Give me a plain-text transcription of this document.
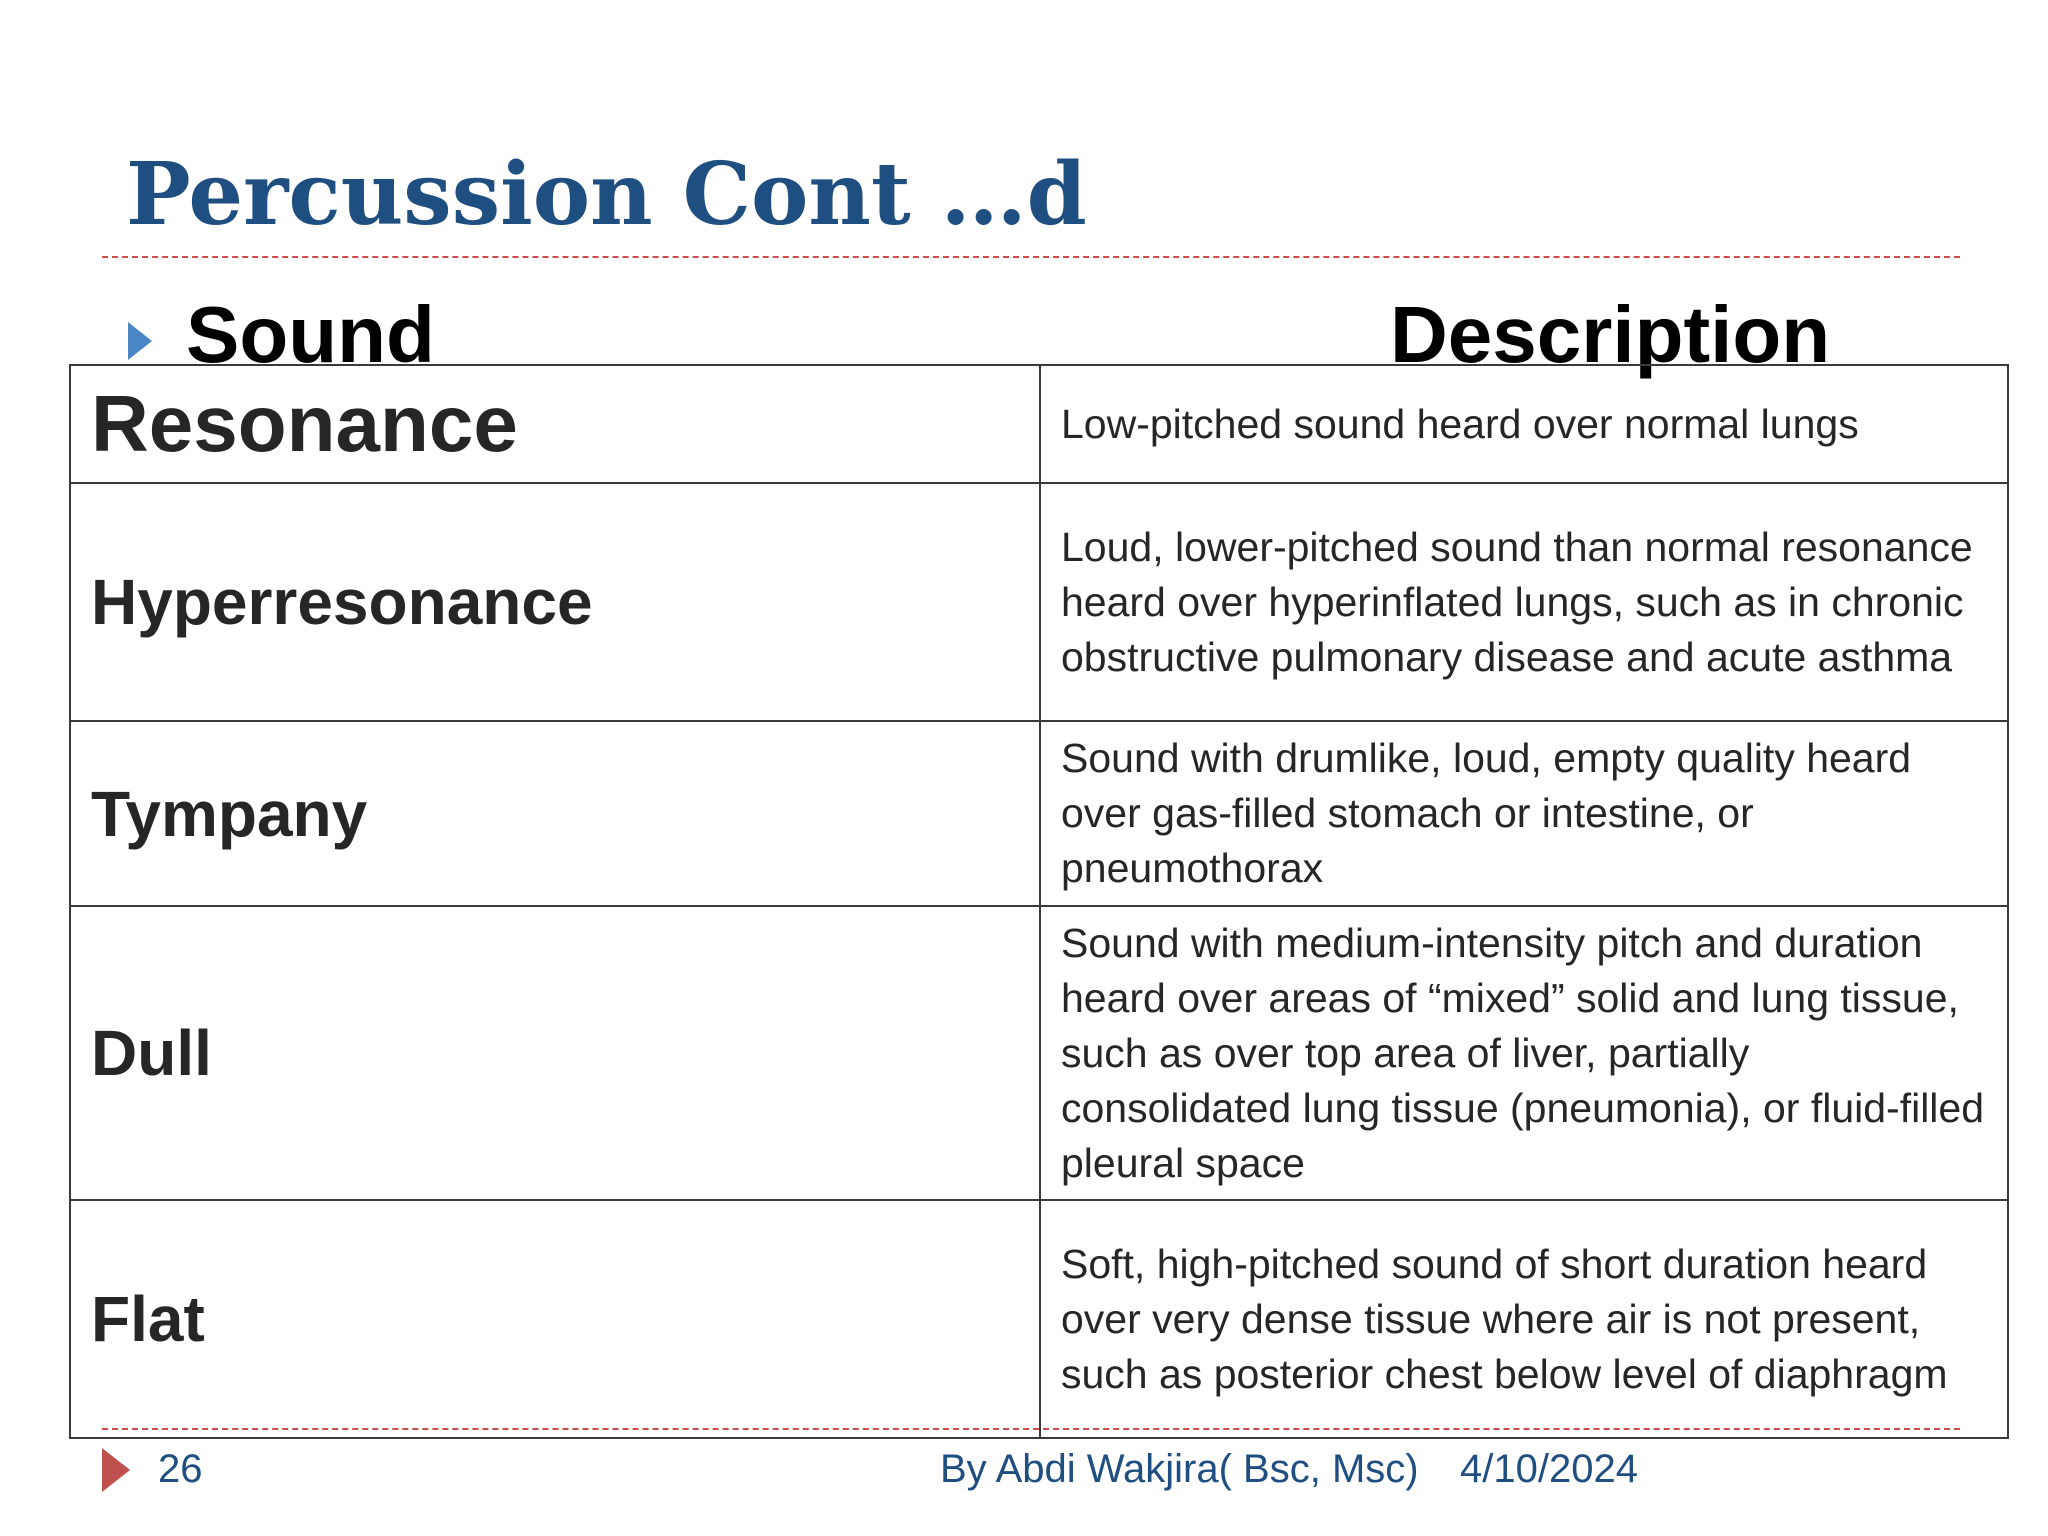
Percussion Cont …d
Sound	Description
Resonance	Low-pitched sound heard over normal lungs
Hyperresonance	Loud, lower-pitched sound than normal resonance heard over hyperinflated lungs, such as in chronic obstructive pulmonary disease and acute asthma
Tympany	Sound with drumlike, loud, empty quality heard over gas-filled stomach or intestine, or pneumothorax
Dull	Sound with medium-intensity pitch and duration heard over areas of “mixed” solid and lung tissue, such as over top area of liver, partially consolidated lung tissue (pneumonia), or fluid-filled pleural space
Flat	Soft, high-pitched sound of short duration heard over very dense tissue where air is not present, such as posterior chest below level of diaphragm
26	By Abdi Wakjira( Bsc, Msc) 4/10/2024
